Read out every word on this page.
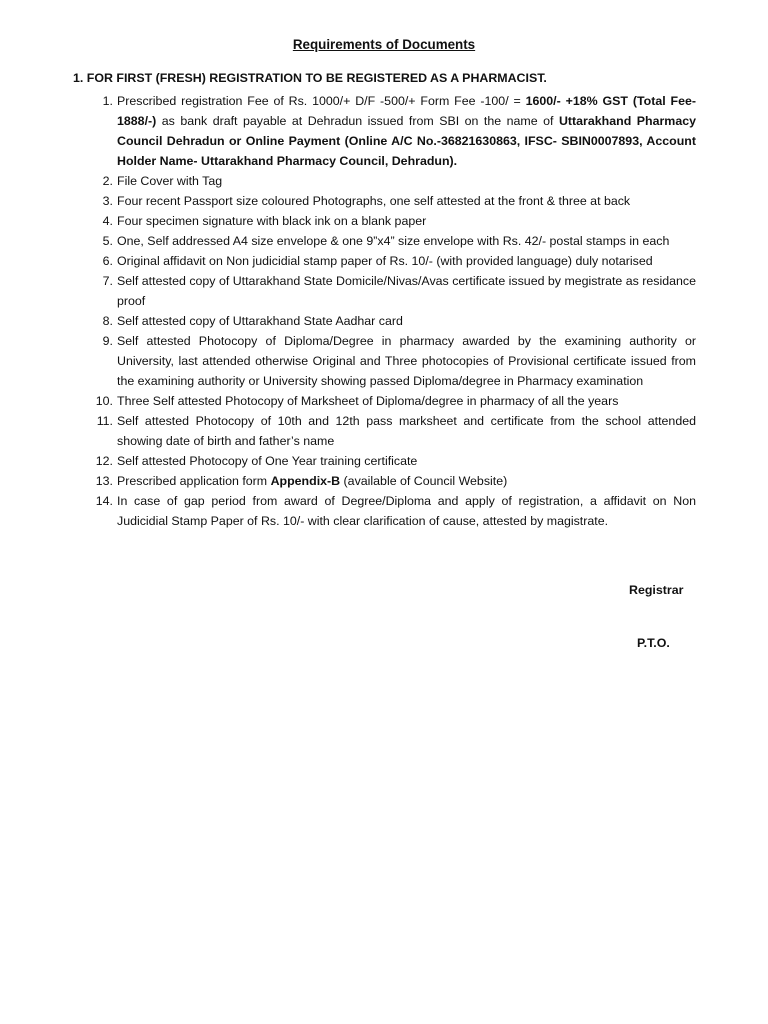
Requirements of Documents
1. FOR FIRST (FRESH) REGISTRATION TO BE REGISTERED AS A PHARMACIST.
1. Prescribed registration Fee of Rs. 1000/+ D/F -500/+ Form Fee -100/ = 1600/- +18% GST (Total Fee-1888/-) as bank draft payable at Dehradun issued from SBI on the name of Uttarakhand Pharmacy Council Dehradun or Online Payment (Online A/C No.-36821630863, IFSC- SBIN0007893, Account Holder Name- Uttarakhand Pharmacy Council, Dehradun).
2. File Cover with Tag
3. Four recent Passport size coloured Photographs, one self attested at the front & three at back
4. Four specimen signature with black ink on a blank paper
5. One, Self addressed A4 size envelope & one 9”x4” size envelope with Rs. 42/- postal stamps in each
6. Original affidavit on Non judicidial stamp paper of Rs. 10/- (with provided language) duly notarised
7. Self attested copy of Uttarakhand State Domicile/Nivas/Avas certificate issued by megistrate as residance proof
8. Self attested copy of Uttarakhand State Aadhar card
9. Self attested Photocopy of Diploma/Degree in pharmacy awarded by the examining authority or University, last attended otherwise Original and Three photocopies of Provisional certificate issued from the examining authority or University showing passed Diploma/degree in Pharmacy examination
10. Three Self attested Photocopy of Marksheet of Diploma/degree in pharmacy of all the years
11. Self attested Photocopy of 10th and 12th pass marksheet and certificate from the school attended showing date of birth and father’s name
12. Self attested Photocopy of One Year training certificate
13. Prescribed application form Appendix-B (available of Council Website)
14. In case of gap period from award of Degree/Diploma and apply of registration, a affidavit on Non Judicidial Stamp Paper of Rs. 10/- with clear clarification of cause, attested by magistrate.
Registrar
P.T.O.
